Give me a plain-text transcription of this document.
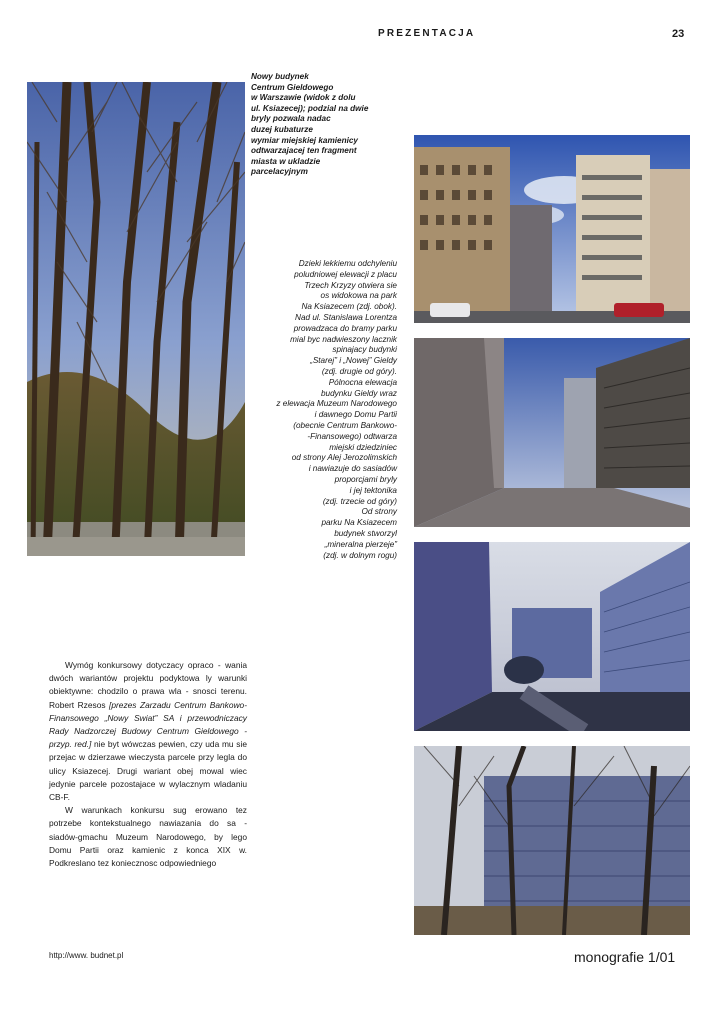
PREZENTACJA	23
Nowy budynek
Centrum Gieldowego
w Warszawie (widok z dolu
ul. Ksiazecej); podzial na dwie
bryly pozwala nadac
duzej kubaturze
wymiar miejskiej kamienicy
odtwarzajacej ten fragment
miasta w ukladzie
parcelacyjnym
Dzieki lekkiemu odchyleniu
poludniowej elewacji z placu
Trzech Krzyzy otwiera sie
os widokowa na park
Na Ksiazecem (zdj. obok).
Nad ul. Stanislawa Lorentza
prowadzaca do bramy parku
mial byc nadwieszony lacznik
spinajacy budynki
„Starej” i „Nowej” Gieldy
(zdj. drugie od góry).
Pólnocna elewacja
budynku Gieldy wraz
z elewacja Muzeum Narodowego
i dawnego Domu Partii
(obecnie Centrum Bankowo-
-Finansowego) odtwarza
miejski dziedziniec
od strony Alej Jerozolimskich
i nawiazuje do sasiadów
proporcjami bryly
i jej tektonika
(zdj. trzecie od góry)
Od strony
parku Na Ksiazecem
budynek stworzyl
„mineralna pierzeje”
(zdj. w dolnym rogu)

Wymóg konkursowy dotyczacy opraco - wania dwóch wariantów projektu podyktowa ly warunki obiektywne: chodzilo o prawa wla - snosci terenu. Robert Rzesos [prezes Zarzadu Centrum Bankowo-Finansowego „Nowy Swiat” SA i przewodniczacy Rady Nadzorczej Budowy Centrum Gieldowego - przyp. red.] nie byt wówczas pewien, czy uda mu sie przejac w dzierzawe wieczysta parcele przy legla do ulicy Ksiazecej. Drugi wariant obej mowal wiec jedynie parcele pozostajace w wylacznym wladaniu CB-F.

W warunkach konkursu sug erowano tez potrzebe kontekstualnego nawiazania do sa - siadów-gmachu Muzeum Narodowego, by lego Domu Partii oraz kamienic z konca XIX w. Podkreslano tez koniecznosc odpowiedniego

http://www. budnet.pl	monografie 1/01
